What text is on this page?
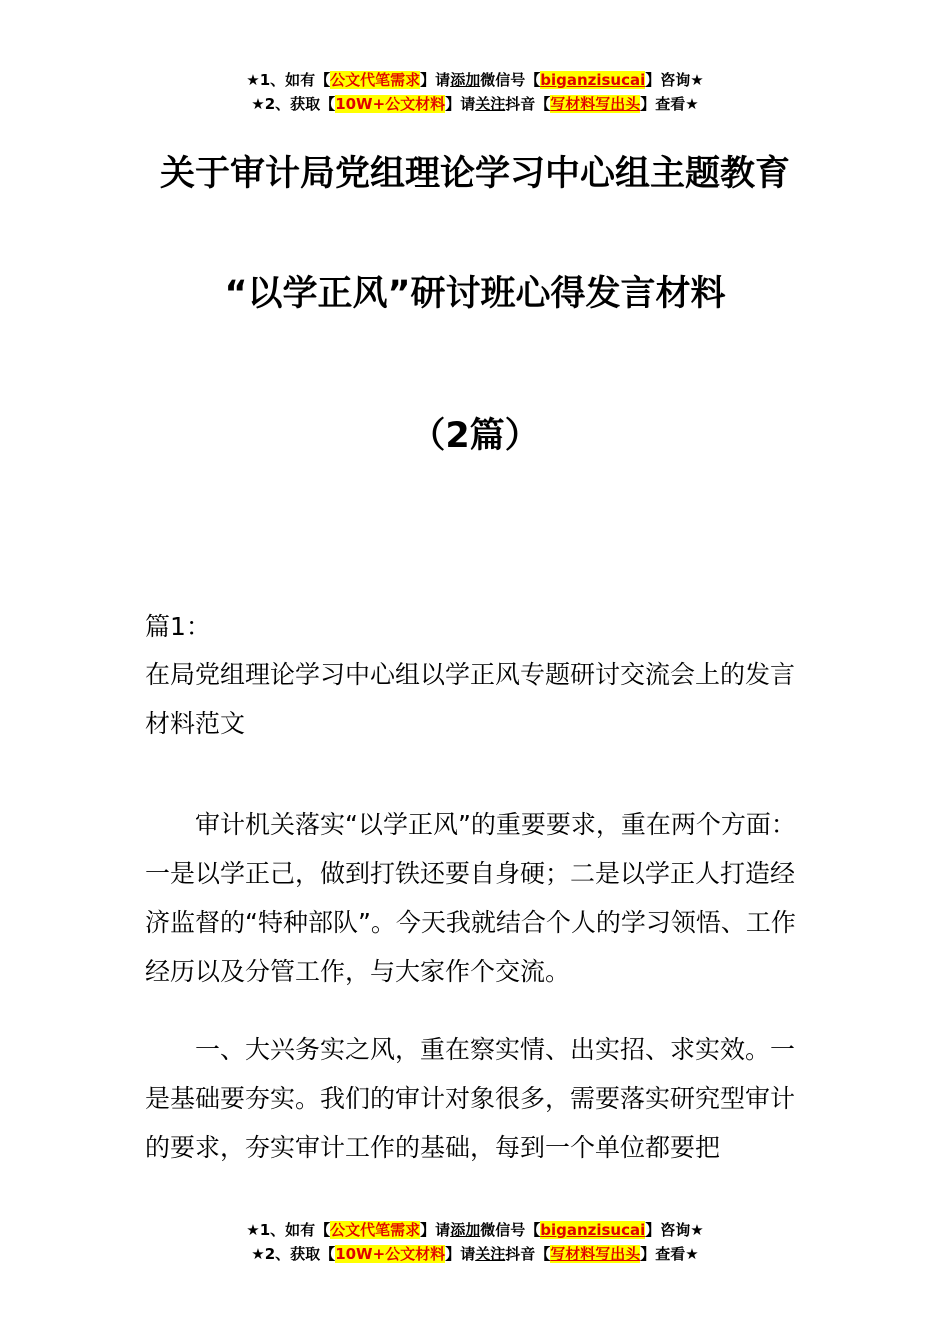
★1、如有【公文代笔需求】请添加微信号【biganzisucai】咨询★
★2、获取【10W+公文材料】请关注抖音【写材料写出头】查看★
关于审计局党组理论学习中心组主题教育
“以学正风”研讨班心得发言材料
（2篇）
篇1：
在局党组理论学习中心组以学正风专题研讨交流会上的发言材料范文

审计机关落实“以学正风”的重要要求，重在两个方面：一是以学正己，做到打铁还要自身硬；二是以学正人打造经济监督的“特种部队”。今天我就结合个人的学习领悟、工作经历以及分管工作，与大家作个交流。

一、大兴务实之风，重在察实情、出实招、求实效。一是基础要夯实。我们的审计对象很多，需要落实研究型审计的要求，夯实审计工作的基础，每到一个单位都要把

★1、如有【公文代笔需求】请添加微信号【biganzisucai】咨询★
★2、获取【10W+公文材料】请关注抖音【写材料写出头】查看★
